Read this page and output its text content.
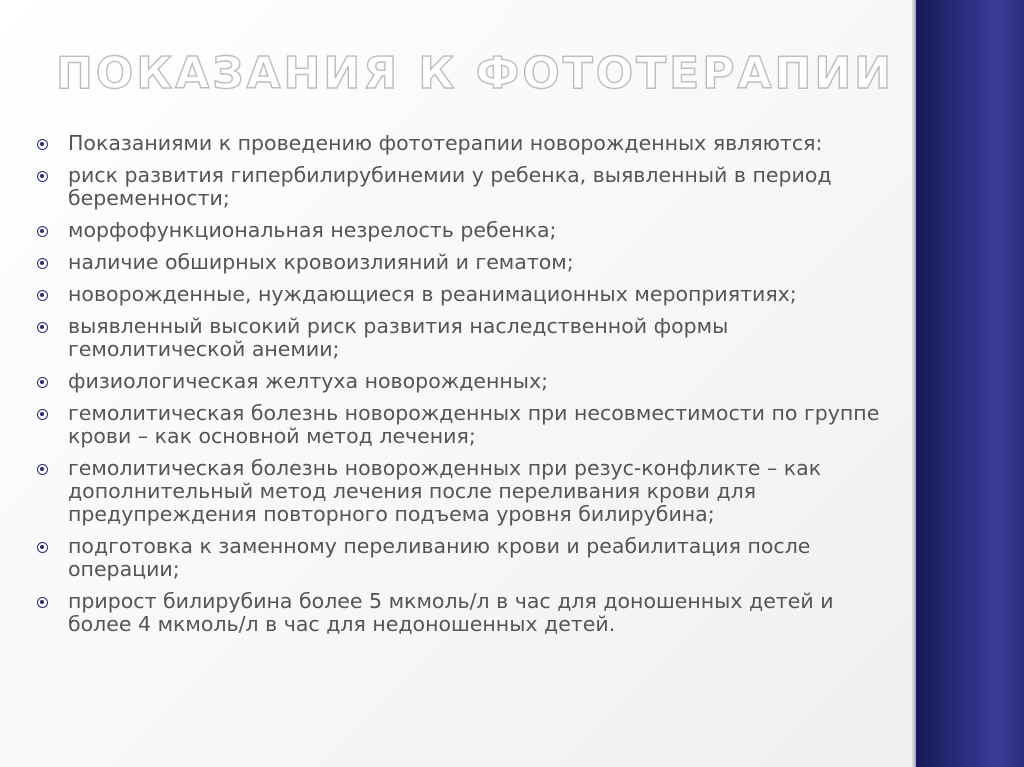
ПОКАЗАНИЯ К ФОТОТЕРАПИИ
Показаниями к проведению фототерапии новорожденных являются:
риск развития гипербилирубинемии у ребенка, выявленный в период беременности;
морфофункциональная незрелость ребенка;
наличие обширных кровоизлияний и гематом;
новорожденные, нуждающиеся в реанимационных мероприятиях;
выявленный высокий риск развития наследственной формы гемолитической анемии;
физиологическая желтуха новорожденных;
гемолитическая болезнь новорожденных при несовместимости по группе крови – как основной метод лечения;
гемолитическая болезнь новорожденных при резус-конфликте – как дополнительный метод лечения после переливания крови для предупреждения повторного подъема уровня билирубина;
подготовка к заменному переливанию крови и реабилитация после операции;
прирост билирубина более 5 мкмоль/л в час для доношенных детей и более 4 мкмоль/л в час для недоношенных детей.
